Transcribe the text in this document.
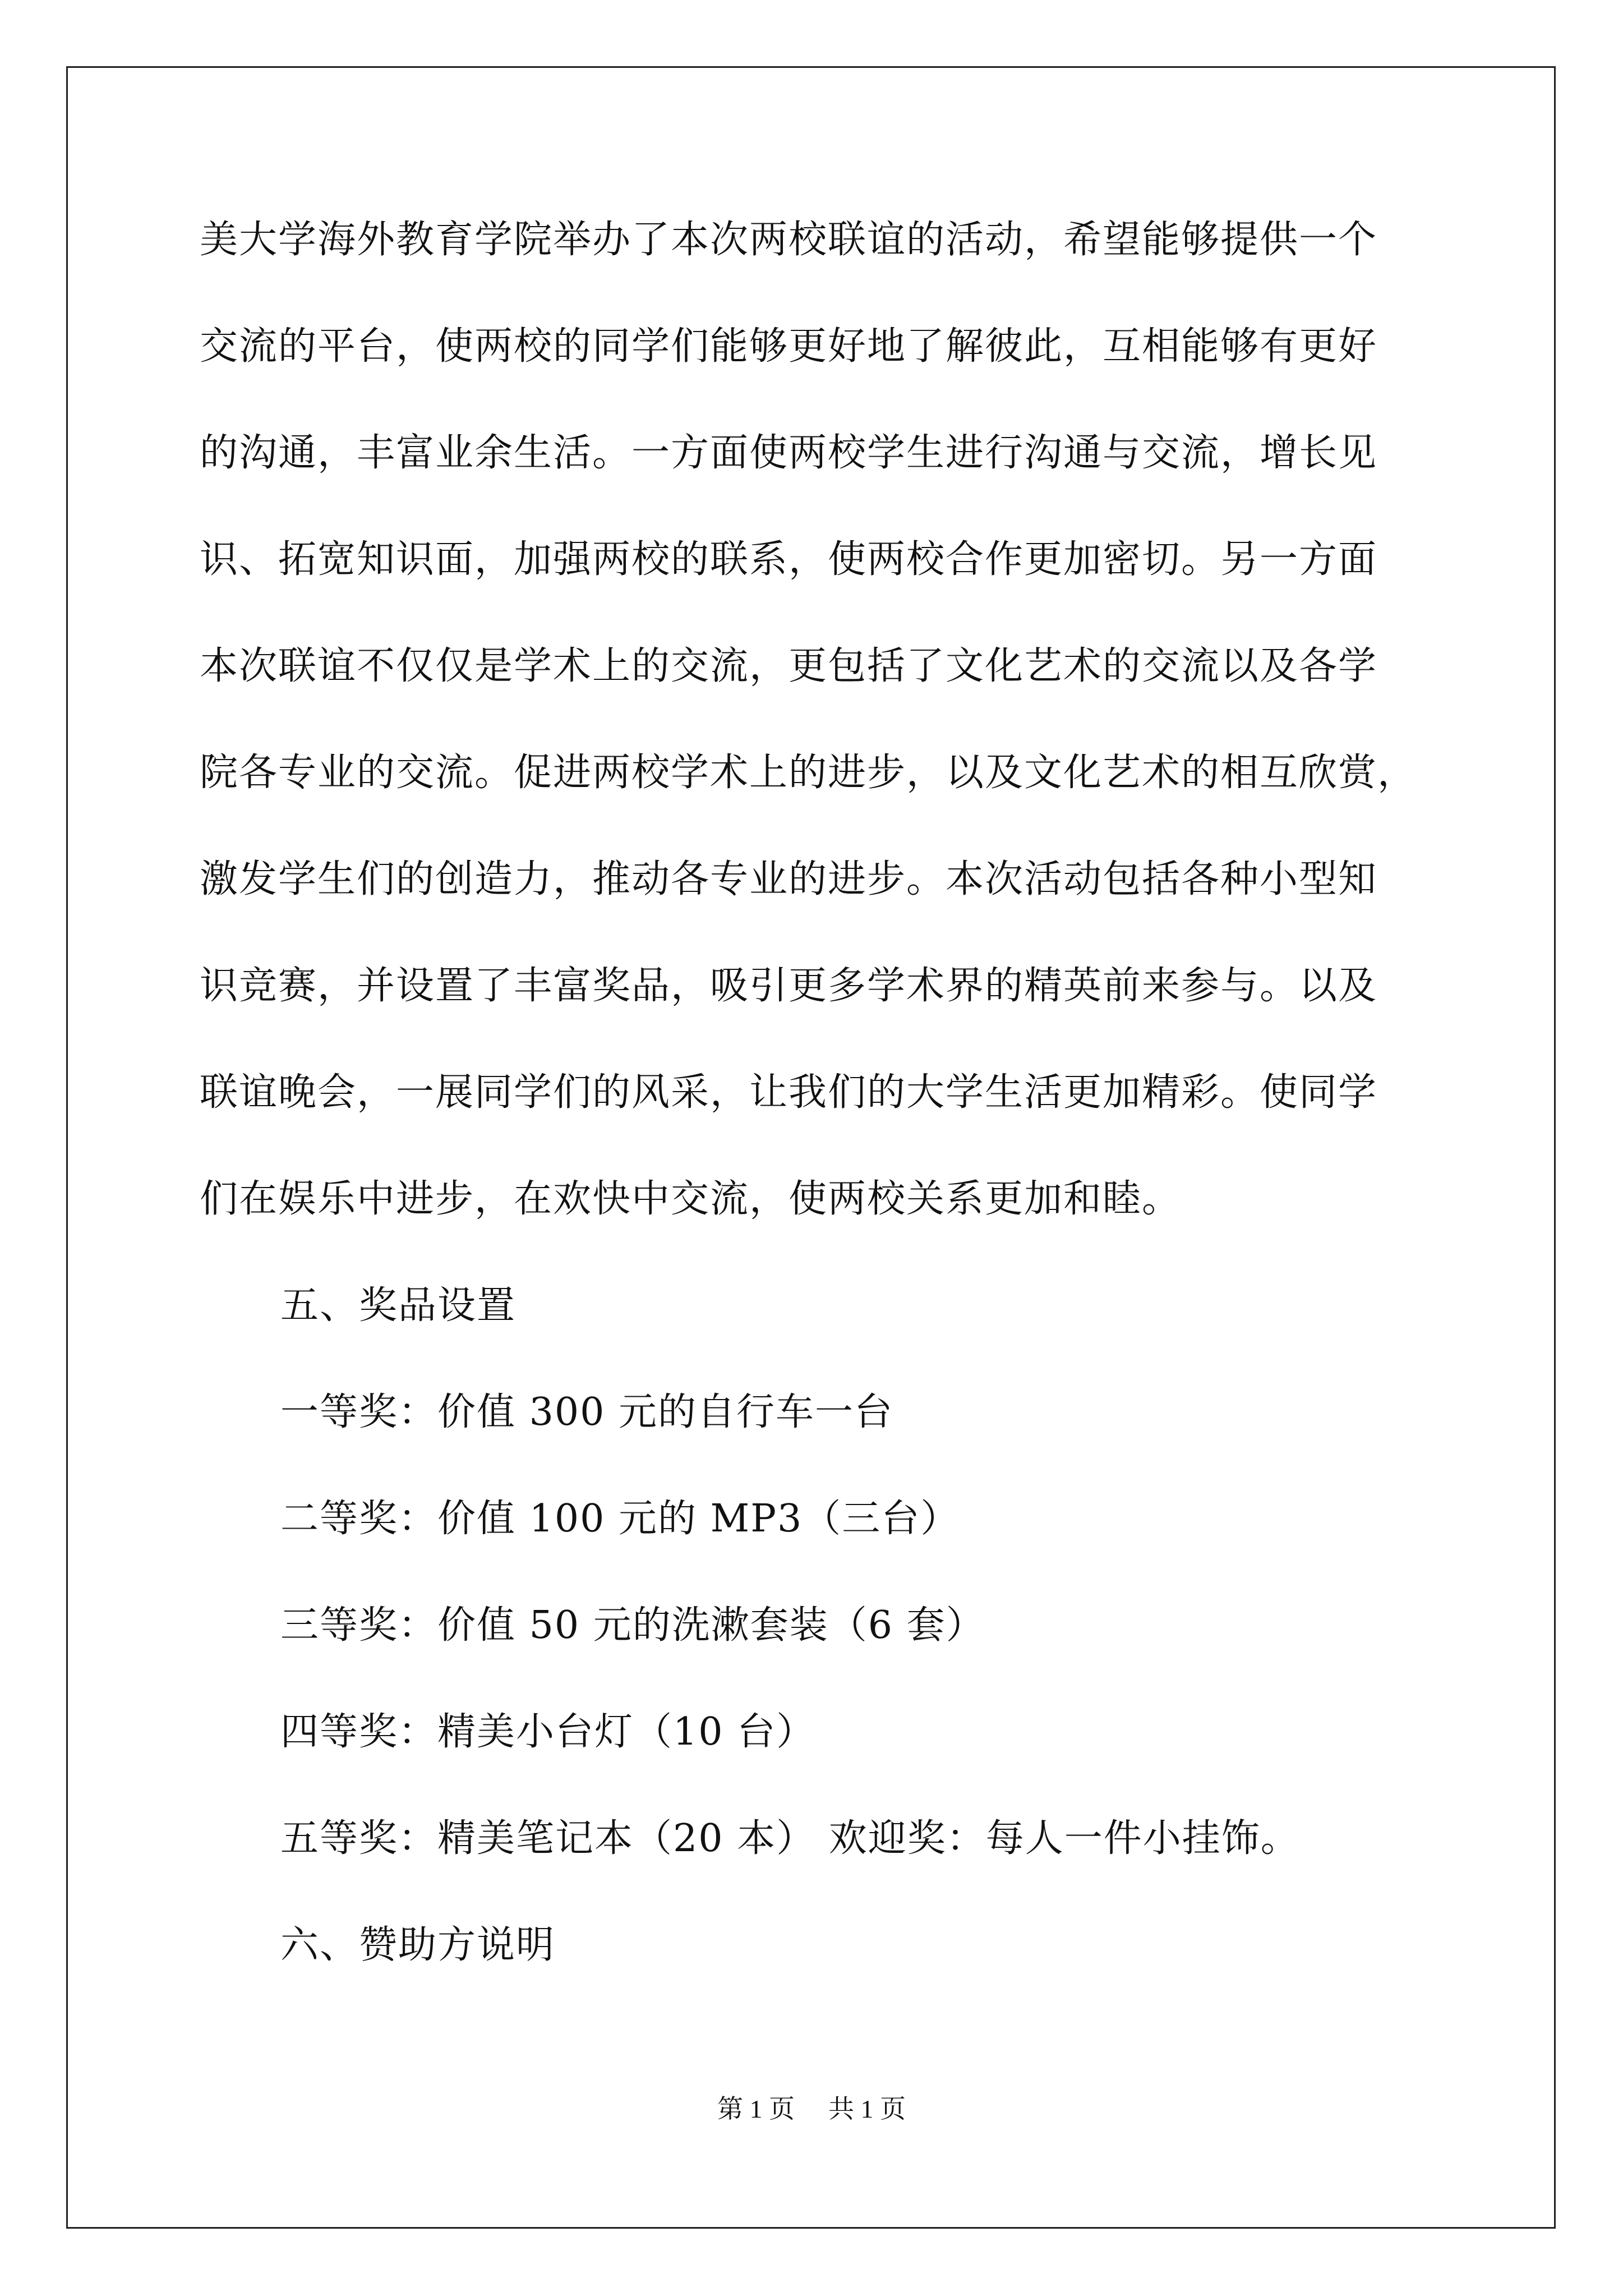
美大学海外教育学院举办了本次两校联谊的活动，希望能够提供一个
交流的平台，使两校的同学们能够更好地了解彼此，互相能够有更好
的沟通，丰富业余生活。一方面使两校学生进行沟通与交流，增长见
识、拓宽知识面，加强两校的联系，使两校合作更加密切。另一方面
本次联谊不仅仅是学术上的交流，更包括了文化艺术的交流以及各学
院各专业的交流。促进两校学术上的进步，以及文化艺术的相互欣赏，
激发学生们的创造力，推动各专业的进步。本次活动包括各种小型知
识竞赛，并设置了丰富奖品，吸引更多学术界的精英前来参与。以及
联谊晚会，一展同学们的风采，让我们的大学生活更加精彩。使同学
们在娱乐中进步，在欢快中交流，使两校关系更加和睦。
五、奖品设置
一等奖：价值 300 元的自行车一台
二等奖：价值 100 元的 MP3（三台）
三等奖：价值 50 元的洗漱套装（6 套）
四等奖：精美小台灯（10 台）
五等奖：精美笔记本（20 本） 欢迎奖：每人一件小挂饰。
六、赞助方说明
第 1 页 共 1 页
